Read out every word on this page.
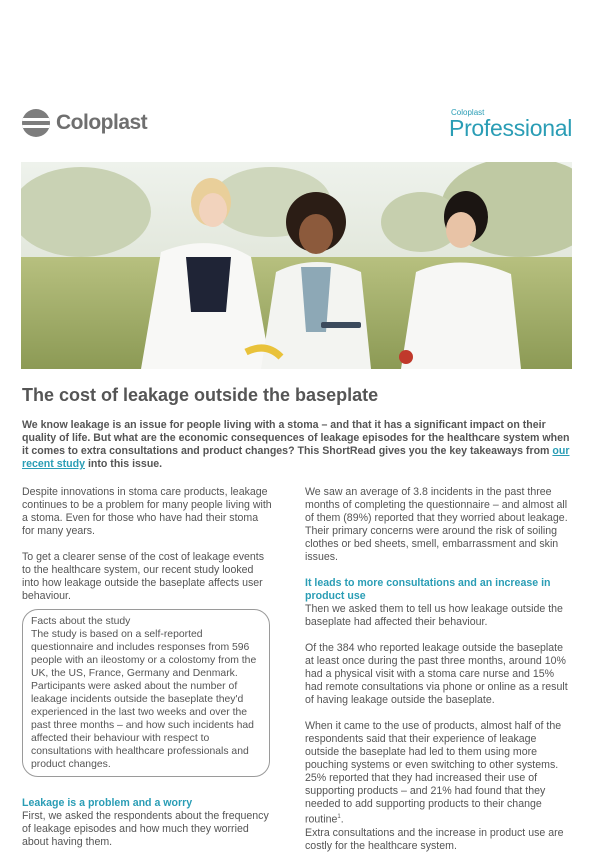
Coloplast	Coloplast
Professional
The cost of leakage outside the baseplate

We know leakage is an issue for people living with a stoma – and that it has a significant impact on their quality of life. But what are the economic consequences of leakage episodes for the healthcare system when it comes to extra consultations and product changes? This ShortRead gives you the key takeaways from our recent study into this issue.

Despite innovations in stoma care products, leakage continues to be a problem for many people living with a stoma. Even for those who have had their stoma for many years.

To get a clearer sense of the cost of leakage events to the healthcare system, our recent study looked into how leakage outside the baseplate affects user behaviour.

Facts about the study
The study is based on a self-reported questionnaire and includes responses from 596 people with an ileostomy or a colostomy from the UK, the US, France, Germany and Denmark. Participants were asked about the number of leakage incidents outside the baseplate they'd experienced in the last two weeks and over the past three months – and how such incidents had affected their behaviour with respect to consultations with healthcare professionals and product changes.
Leakage is a problem and a worry

First, we asked the respondents about the frequency of leakage episodes and how much they worried about having them.

We saw an average of 3.8 incidents in the past three months of completing the questionnaire – and almost all of them (89%) reported that they worried about leakage. Their primary concerns were around the risk of soiling clothes or bed sheets, smell, embarrassment and skin issues.

It leads to more consultations and an increase in product use

Then we asked them to tell us how leakage outside the baseplate had affected their behaviour.

Of the 384 who reported leakage outside the baseplate at least once during the past three months, around 10% had a physical visit with a stoma care nurse and 15% had remote consultations via phone or online as a result of having leakage outside the baseplate.

When it came to the use of products, almost half of the respondents said that their experience of leakage outside the baseplate had led to them using more pouching systems or even switching to other systems. 25% reported that they had increased their use of supporting products – and 21% had found that they needed to add supporting products to their change routine$^1$.

Extra consultations and the increase in product use are costly for the healthcare system.
